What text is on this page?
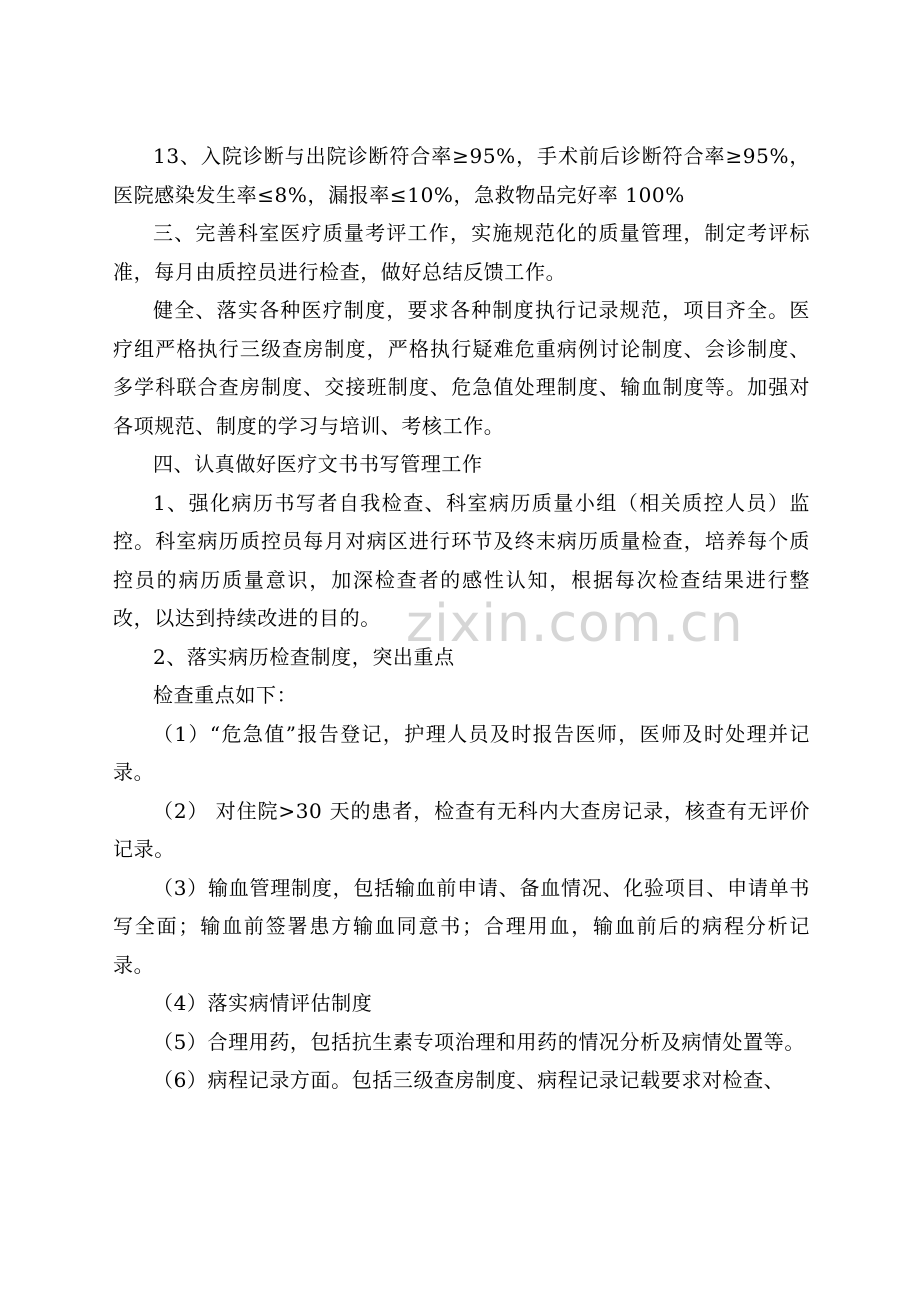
13、入院诊断与出院诊断符合率≥95%，手术前后诊断符合率≥95%，医院感染发生率≤8%，漏报率≤10%，急救物品完好率 100%

三、完善科室医疗质量考评工作，实施规范化的质量管理，制定考评标准，每月由质控员进行检查，做好总结反馈工作。

健全、落实各种医疗制度，要求各种制度执行记录规范，项目齐全。医疗组严格执行三级查房制度，严格执行疑难危重病例讨论制度、会诊制度、多学科联合查房制度、交接班制度、危急值处理制度、输血制度等。加强对各项规范、制度的学习与培训、考核工作。

四、认真做好医疗文书书写管理工作

1、强化病历书写者自我检查、科室病历质量小组（相关质控人员）监控。科室病历质控员每月对病区进行环节及终末病历质量检查，培养每个质控员的病历质量意识，加深检查者的感性认知，根据每次检查结果进行整改，以达到持续改进的目的。

2、落实病历检查制度，突出重点

检查重点如下：

（1）“危急值”报告登记，护理人员及时报告医师，医师及时处理并记录。

（2） 对住院>30 天的患者，检查有无科内大查房记录，核查有无评价记录。

（3）输血管理制度，包括输血前申请、备血情况、化验项目、申请单书写全面；输血前签署患方输血同意书；合理用血，输血前后的病程分析记录。

（4）落实病情评估制度

（5）合理用药，包括抗生素专项治理和用药的情况分析及病情处置等。

（6）病程记录方面。包括三级查房制度、病程记录记载要求对检查、

zixin.com.cn
